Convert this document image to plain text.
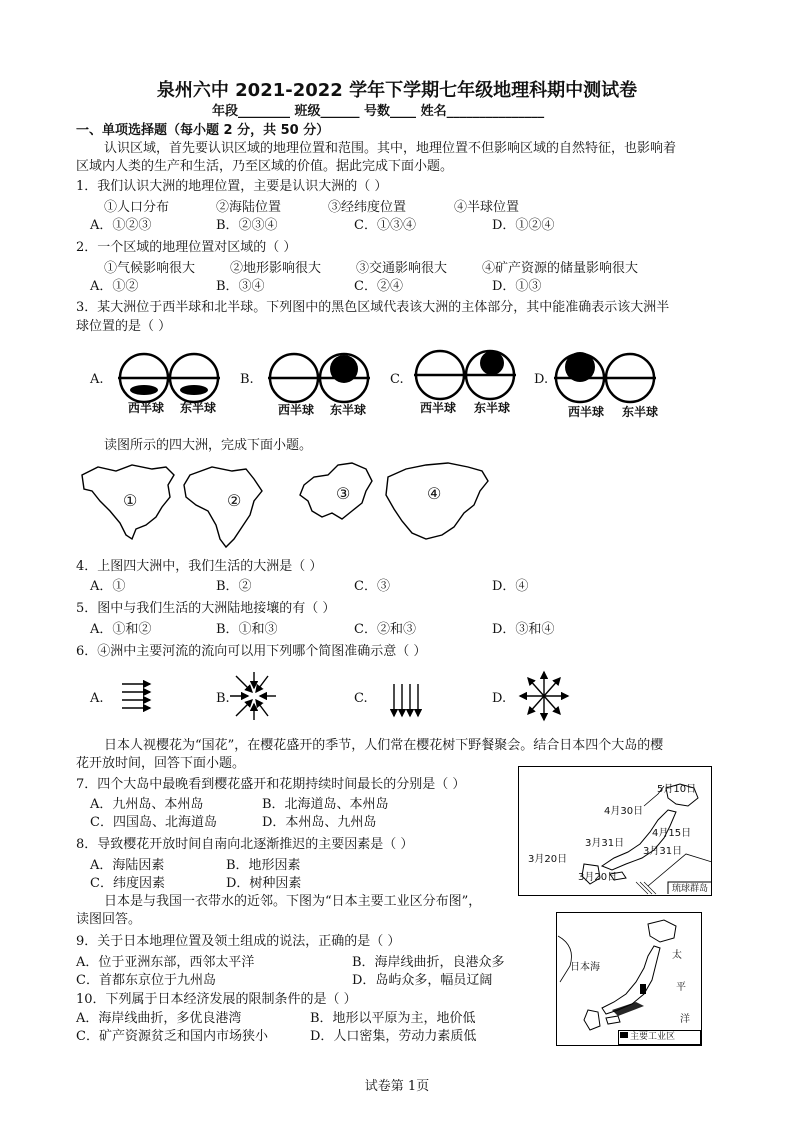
泉州六中 2021-2022 学年下学期七年级地理科期中测试卷
年段________ 班级______ 号数____ 姓名_______________
一、单项选择题（每小题 2 分，共 50 分）
认识区域，首先要认识区域的地理位置和范围。其中，地理位置不但影响区域的自然特征，也影响着
区域内人类的生产和生活，乃至区域的价值。据此完成下面小题。
1．我们认识大洲的地理位置，主要是认识大洲的（ ）
①人口分布	②海陆位置	③经纬度位置	④半球位置
A．①②③	B．②③④	C．①③④	D．①②④
2．一个区域的地理位置对区域的（ ）
①气候影响很大	②地形影响很大	③交通影响很大	④矿产资源的储量影响很大
A．①②	B．③④	C．②④	D．①③
3．某大洲位于西半球和北半球。下列图中的黑色区域代表该大洲的主体部分，其中能准确表示该大洲半
球位置的是（ ）
A.	B.	C.	D.
西半球 东半球	西半球 东半球	西半球 东半球	西半球 东半球
读图所示的四大洲，完成下面小题。
①	②	③	④
4．上图四大洲中，我们生活的大洲是（ ）
A．①	B．②	C．③	D．④
5．图中与我们生活的大洲陆地接壤的有（ ）
A．①和②	B．①和③	C．②和③	D．③和④
6．④洲中主要河流的流向可以用下列哪个简图准确示意（ ）
A.	B.	C.	D.
日本人视樱花为“国花”，在樱花盛开的季节，人们常在樱花树下野餐聚会。结合日本四个大岛的樱
花开放时间，回答下面小题。
7．四个大岛中最晚看到樱花盛开和花期持续时间最长的分别是（ ）
A．九州岛、本州岛	B．北海道岛、本州岛
C．四国岛、北海道岛	D．本州岛、九州岛
8．导致樱花开放时间自南向北逐渐推迟的主要因素是（ ）
A．海陆因素	B．地形因素
C．纬度因素	D．树种因素
5月10日
4月30日
4月15日
3月31日
3月31日
3月20日
3月20日
琉球群岛
日本是与我国一衣带水的近邻。下图为“日本主要工业区分布图”，
读图回答。
9．关于日本地理位置及领土组成的说法，正确的是（ ）
A．位于亚洲东部，西邻太平洋	B．海岸线曲折，良港众多
C．首都东京位于九州岛	D．岛屿众多，幅员辽阔
10．下列属于日本经济发展的限制条件的是（ ）
A．海岸线曲折，多优良港湾	B．地形以平原为主，地价低
C．矿产资源贫乏和国内市场狭小	D．人口密集，劳动力素质低
日本海
太
平
洋
主要工业区
试卷第 1页
